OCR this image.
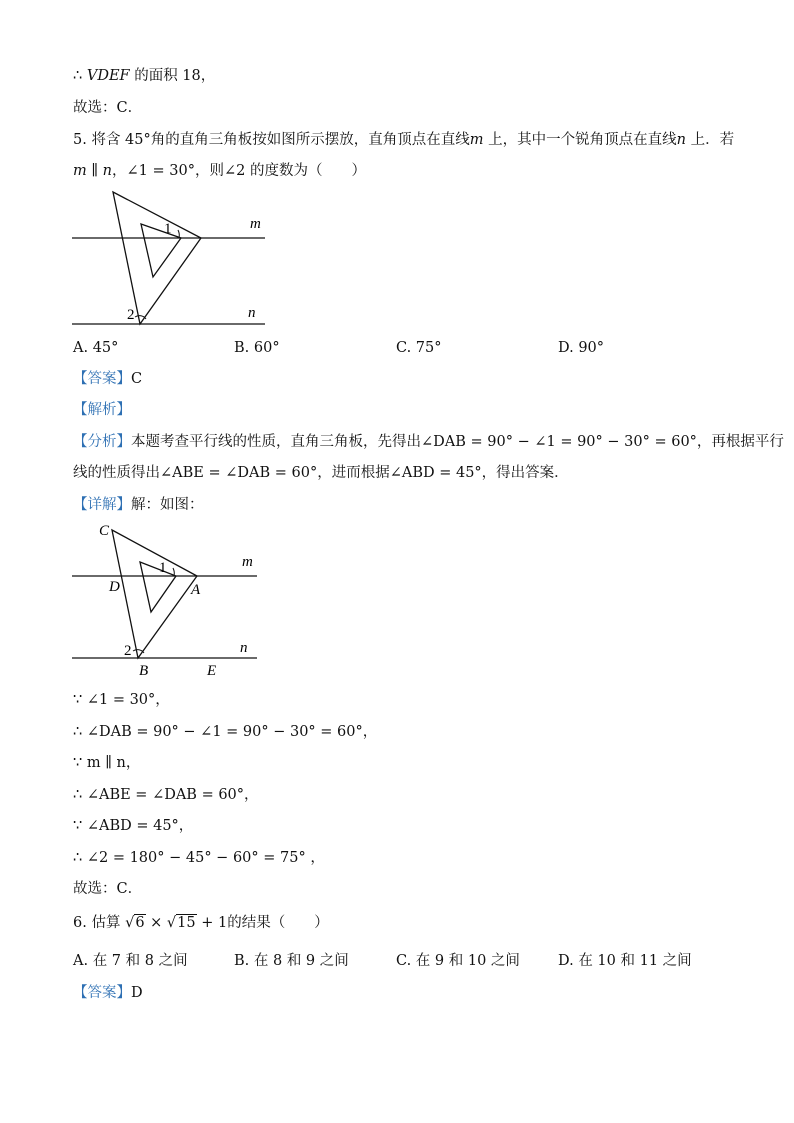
∴ VDEF 的面积 18，
故选：C．
5. 将含 45°角的直角三角板按如图所示摆放，直角顶点在直线m 上，其中一个锐角顶点在直线n 上．若
m ∥ n，∠1 = 30°，则∠2 的度数为（　　）
m
n
1
2
A. 45°	B. 60°	C. 75°	D. 90°
【答案】C
【解析】
【分析】本题考查平行线的性质，直角三角板，先得出∠DAB = 90° − ∠1 = 90° − 30° = 60°，再根据平行
线的性质得出∠ABE = ∠DAB = 60°，进而根据∠ABD = 45°，得出答案．
【详解】解：如图：
C
D	A
B	E
m
n
1
2
∵ ∠1 = 30°，
∴ ∠DAB = 90° − ∠1 = 90° − 30° = 60°，
∵ m ∥ n，
∴ ∠ABE = ∠DAB = 60°，
∵ ∠ABD = 45°，
∴ ∠2 = 180° − 45° − 60° = 75° ，
故选：C．
6. 估算 √6 × √15 + 1的结果（　　）
A. 在 7 和 8 之间	B. 在 8 和 9 之间	C. 在 9 和 10 之间	D. 在 10 和 11 之间
【答案】D
